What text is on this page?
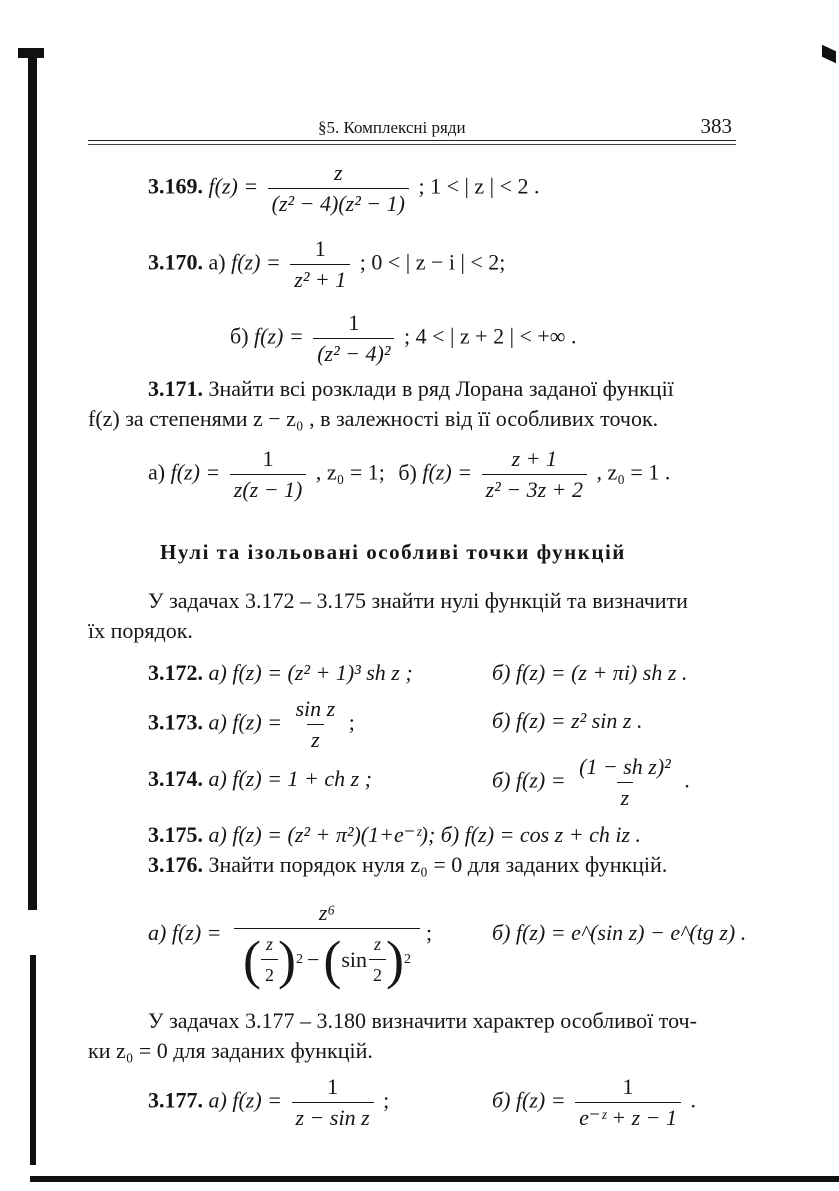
§5. Комплексні ряди	383
3.169. $f(z) = \frac{z}{\text{(z² − 4)(z² − 1)}}$ ; 1 < | z | < 2 .
3.170. а) $f(z) = \frac{1}{\text{z² + 1}}$ ; 0 < | z − i | < 2;
б) $f(z) = \frac{1}{\text{(z² − 4)²}}$ ; 4 < | z + 2 | < +∞ .
3.171. Знайти всі розклади в ряд Лорана заданої функції
f(z) за степенями z − z₀ , в залежності від її особливих точок.
а) $f(z) = \frac{1}{z(z - 1)}$ , z₀ = 1; б) $f(z) = \frac{z + 1}{\text{z² − 3z + 2}}$ , z₀ = 1 .
Нулі та ізольовані особливі точки функцій
У задачах 3.172 – 3.175 знайти нулі функцій та визначити
їх порядок.
3.172. а) f(z) = (z² + 1)³ sh z ;	б) f(z) = (z + πi) sh z .
3.173. а) $f(z) = \frac{\text{sin z}}{z}$ ;	б) f(z) = z² sin z .
3.174. а) f(z) = 1 + ch z ;	б) $f(z) = \frac{\text{(1 − sh z)²}}{z}$ .
3.175. а) f(z) = (z² + π²)(1+e⁻ᶻ); б) f(z) = cos z + ch iz .
3.176. Знайти порядок нуля z₀ = 0 для заданих функцій.
а) f(z) =
z⁶
( $\frac{z}{2}$ ) 2 − ( $\sin \frac{z}{2}$ ) 2
;	б) f(z) = e^(sin z) − e^(tg z) .
У задачах 3.177 – 3.180 визначити характер особливої точ-
ки z₀ = 0 для заданих функцій.
3.177. а) $f(z) = \frac{1}{\text{z − sin z}}$ ;	б) $f(z) = \frac{1}{\text{e⁻ᶻ + z − 1}}$ .
